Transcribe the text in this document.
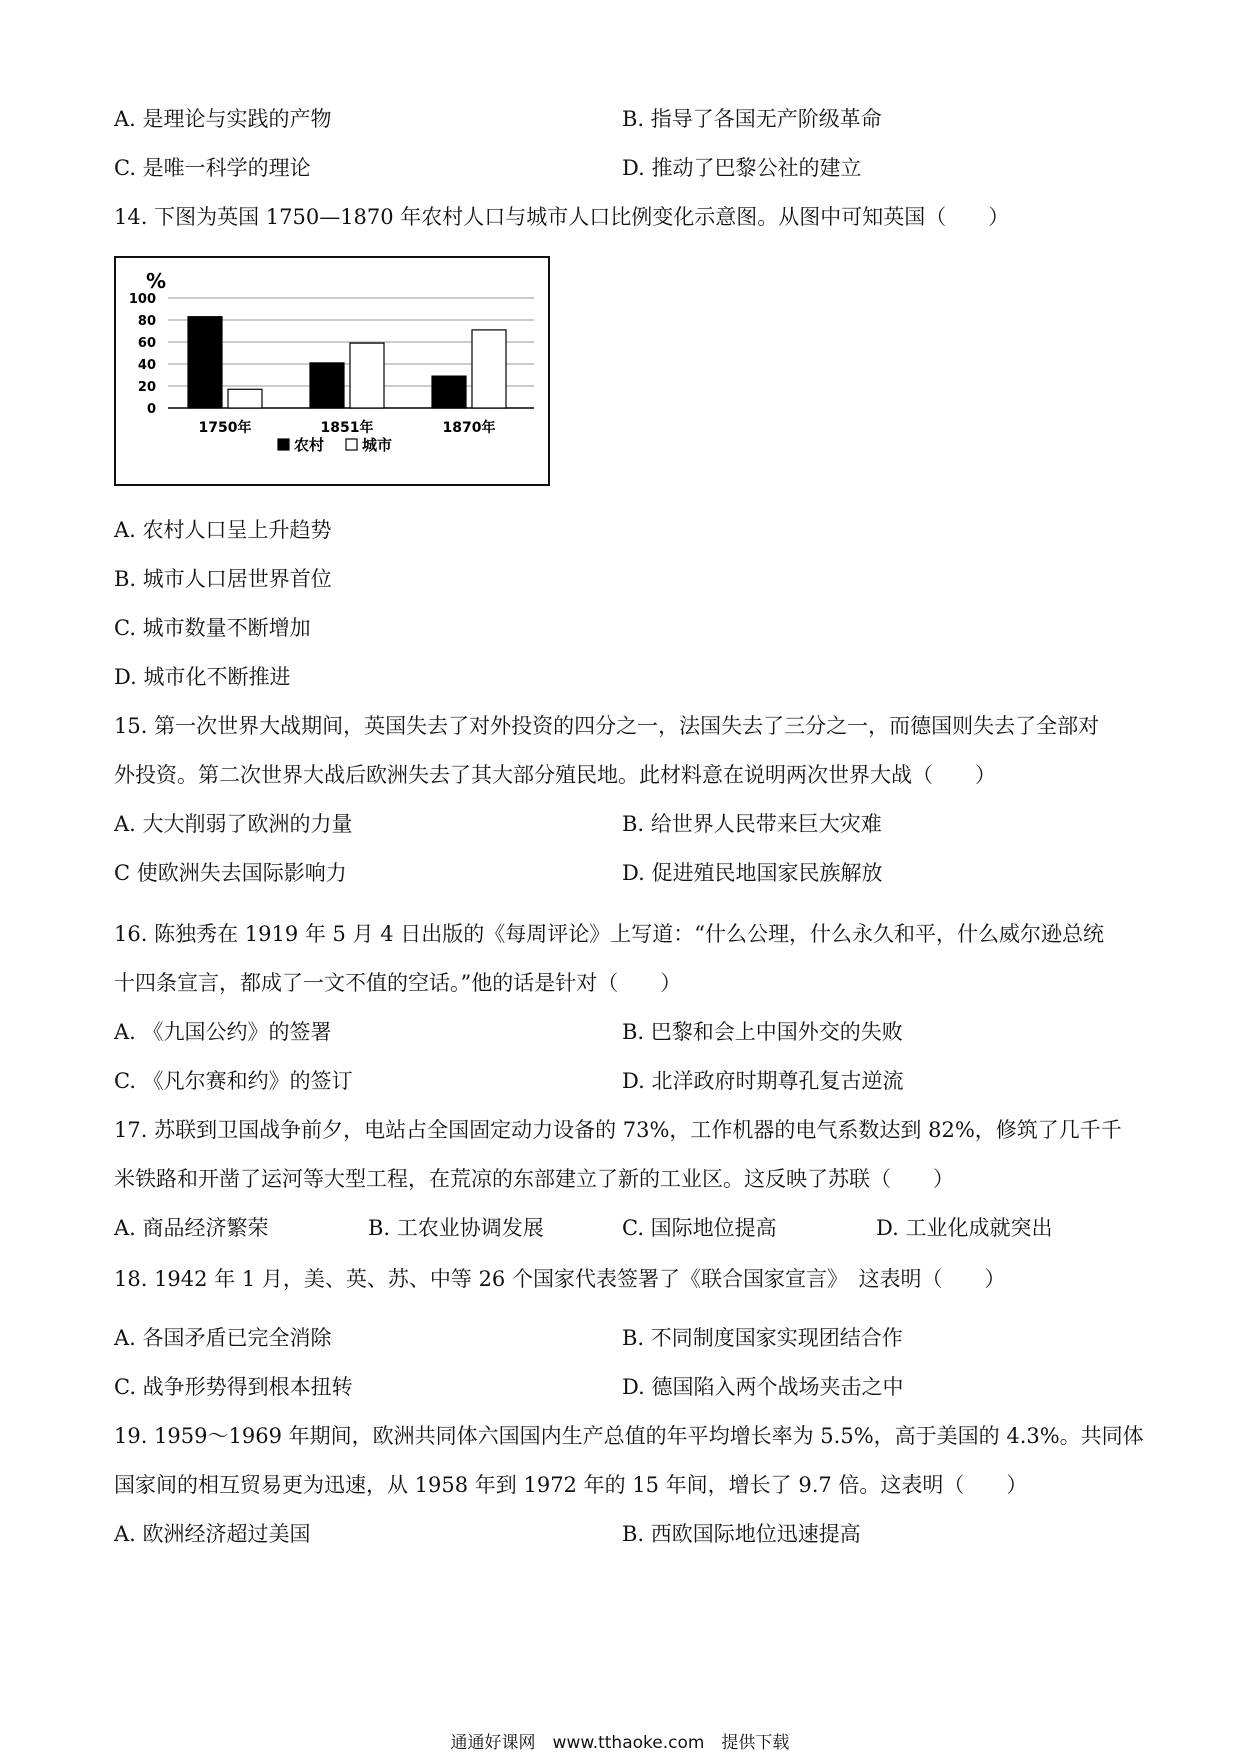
A. 是理论与实践的产物	B. 指导了各国无产阶级革命
C. 是唯一科学的理论	D. 推动了巴黎公社的建立
14. 下图为英国 1750—1870 年农村人口与城市人口比例变化示意图。从图中可知英国（　　）
%
100
80
60
40
20
0
1750年	1851年	1870年
农村	城市
A. 农村人口呈上升趋势
B. 城市人口居世界首位
C. 城市数量不断增加
D. 城市化不断推进
15. 第一次世界大战期间，英国失去了对外投资的四分之一，法国失去了三分之一，而德国则失去了全部对
外投资。第二次世界大战后欧洲失去了其大部分殖民地。此材料意在说明两次世界大战（　　）
A. 大大削弱了欧洲的力量	B. 给世界人民带来巨大灾难
C 使欧洲失去国际影响力	D. 促进殖民地国家民族解放
16. 陈独秀在 1919 年 5 月 4 日出版的《每周评论》上写道：“什么公理，什么永久和平，什么威尔逊总统
十四条宣言，都成了一文不值的空话。”他的话是针对（　　）
A. 《九国公约》的签署	B. 巴黎和会上中国外交的失败
C. 《凡尔赛和约》的签订	D. 北洋政府时期尊孔复古逆流
17. 苏联到卫国战争前夕，电站占全国固定动力设备的 73%，工作机器的电气系数达到 82%，修筑了几千千
米铁路和开凿了运河等大型工程，在荒凉的东部建立了新的工业区。这反映了苏联（　　）
A. 商品经济繁荣	B. 工农业协调发展	C. 国际地位提高	D. 工业化成就突出
18. 1942 年 1 月，美、英、苏、中等 26 个国家代表签署了《联合国家宣言》　这表明（　　）
A. 各国矛盾已完全消除	B. 不同制度国家实现团结合作
C. 战争形势得到根本扭转	D. 德国陷入两个战场夹击之中
19. 1959～1969 年期间，欧洲共同体六国国内生产总值的年平均增长率为 5.5%，高于美国的 4.3%。共同体
国家间的相互贸易更为迅速，从 1958 年到 1972 年的 15 年间，增长了 9.7 倍。这表明（　　）
A. 欧洲经济超过美国	B. 西欧国际地位迅速提高
通通好课网　www.tthaoke.com　提供下载
